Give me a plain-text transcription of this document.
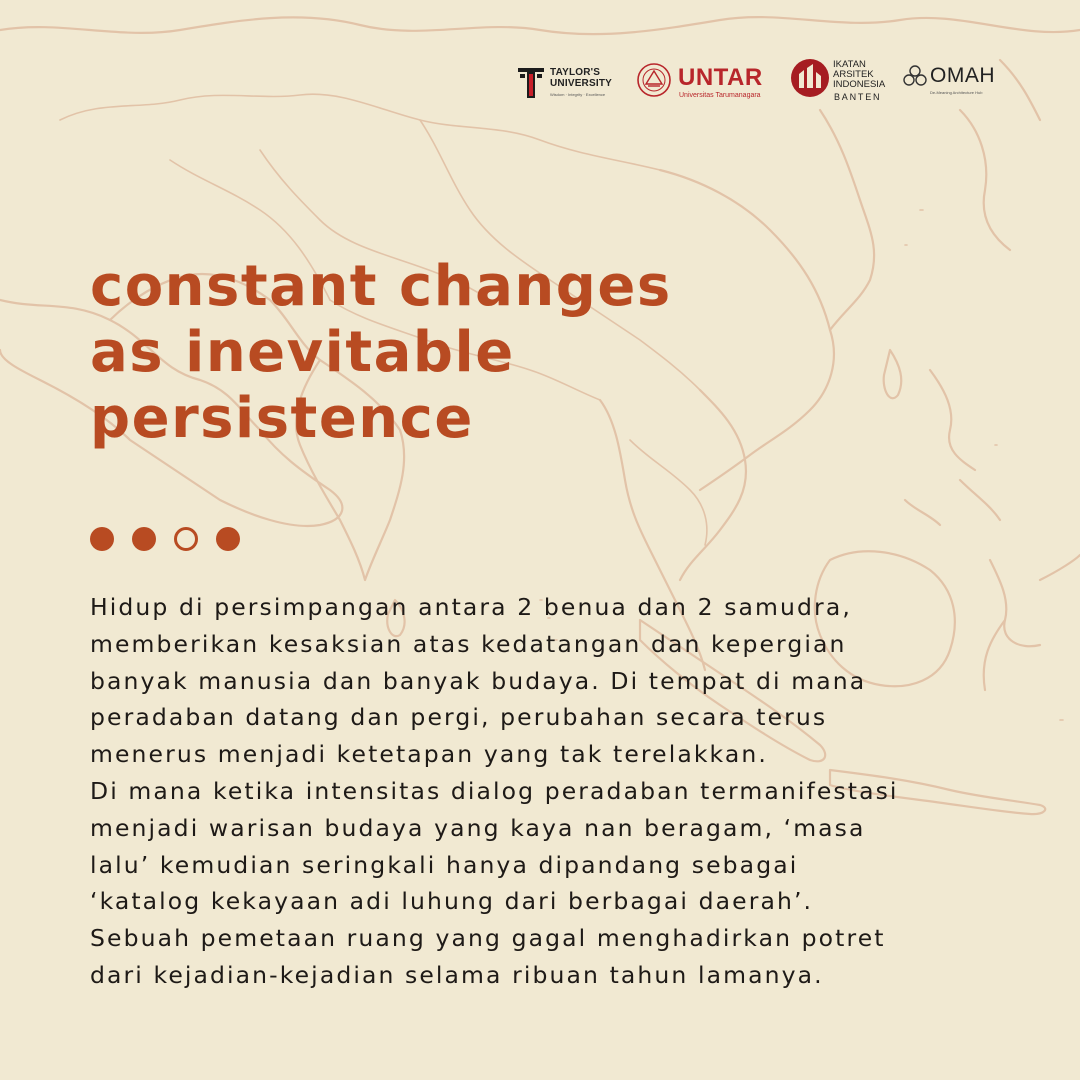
TAYLOR'S
UNIVERSITY
Wisdom · Integrity · Excellence
UNTAR
Universitas Tarumanagara
IKATAN
ARSITEK
INDONESIA
BANTEN
OMAH
De-Meaning Architecture Hub
constant changes
as inevitable
persistence
Hidup di persimpangan antara 2 benua dan 2 samudra,
memberikan kesaksian atas kedatangan dan kepergian
banyak manusia dan banyak budaya. Di tempat di mana
peradaban datang dan pergi, perubahan secara terus
menerus menjadi ketetapan yang tak terelakkan.
Di mana ketika intensitas dialog peradaban termanifestasi
menjadi warisan budaya yang kaya nan beragam, ‘masa
lalu’ kemudian seringkali hanya dipandang sebagai
‘katalog kekayaan adi luhung dari berbagai daerah’.
Sebuah pemetaan ruang yang gagal menghadirkan potret
dari kejadian-kejadian selama ribuan tahun lamanya.
